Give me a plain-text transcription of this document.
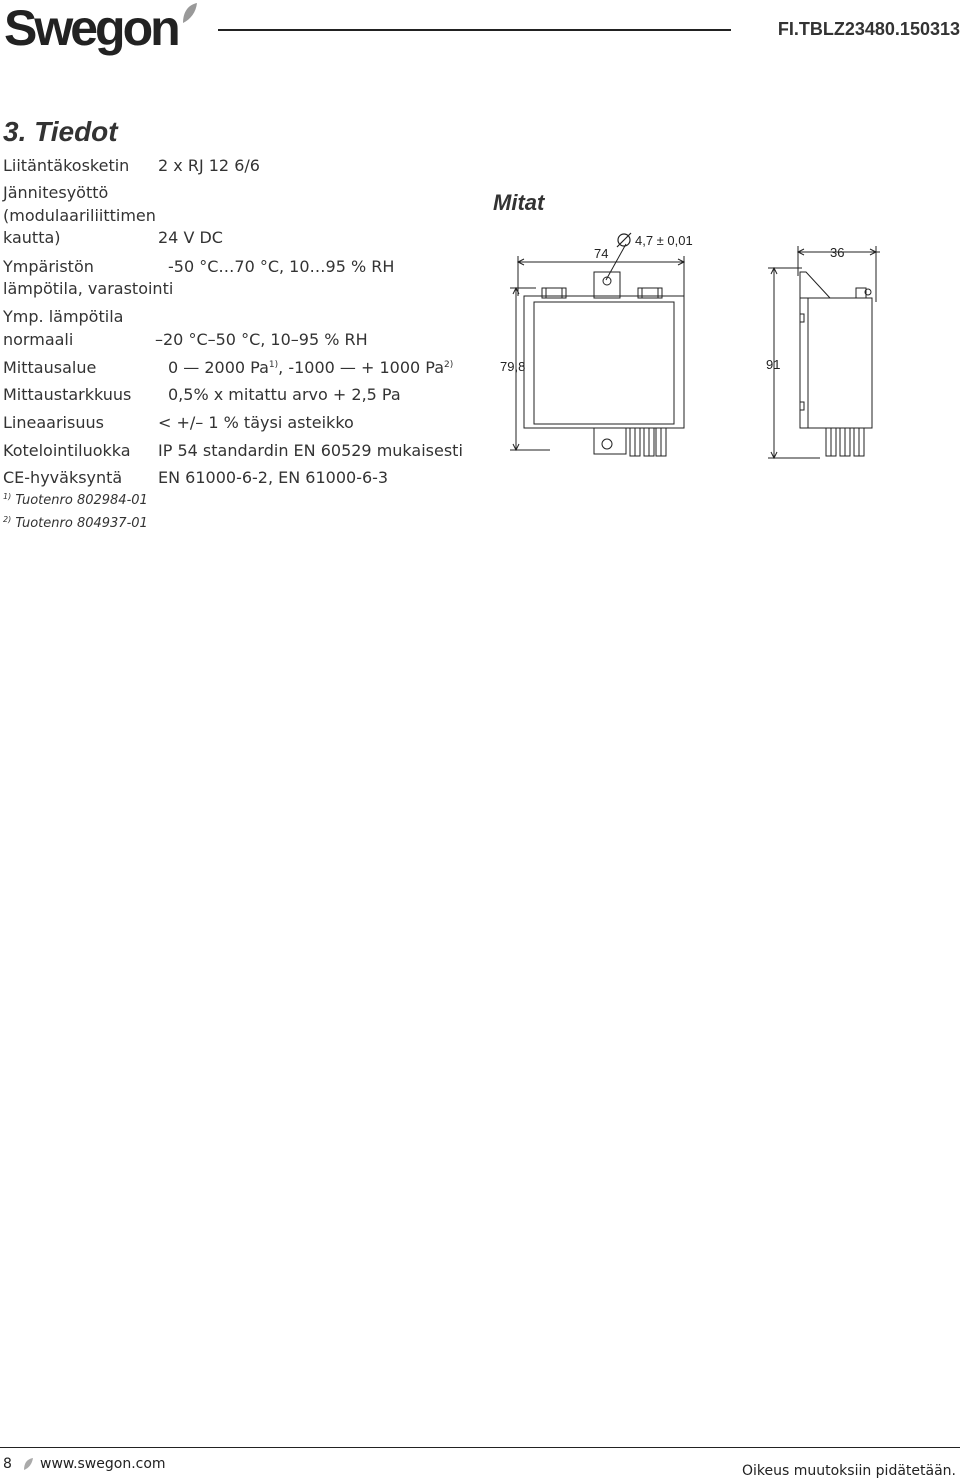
Swegon	FI.TBLZ23480.150313
3. Tiedot
Liitäntäkosketin 2 x RJ 12 6/6
Jännitesyöttö
(modulaariliittimen
kautta)	24 V DC
Ympäristön	-50 °C…70 °C, 10…95 % RH
lämpötila, varastointi
Ymp. lämpötila
normaali	–20 °C–50 °C, 10–95 % RH
Mittausalue	0 — 2000 Pa$^{1)}$, -1000 — + 1000 Pa$^{2)}$
Mittaustarkkuus 0,5% x mitattu arvo + 2,5 Pa
Lineaarisuus	< +/– 1 % täysi asteikko
Kotelointiluokka IP 54 standardin EN 60529 mukaisesti
CE-hyväksyntä EN 61000-6-2, EN 61000-6-3
$^{1)}$ Tuotenro 802984-01
$^{2)}$ Tuotenro 804937-01
Mitat
74
4,7 ± 0,01
79,8
36
91
8 www.swegon.com	Oikeus muutoksiin pidätetään.
